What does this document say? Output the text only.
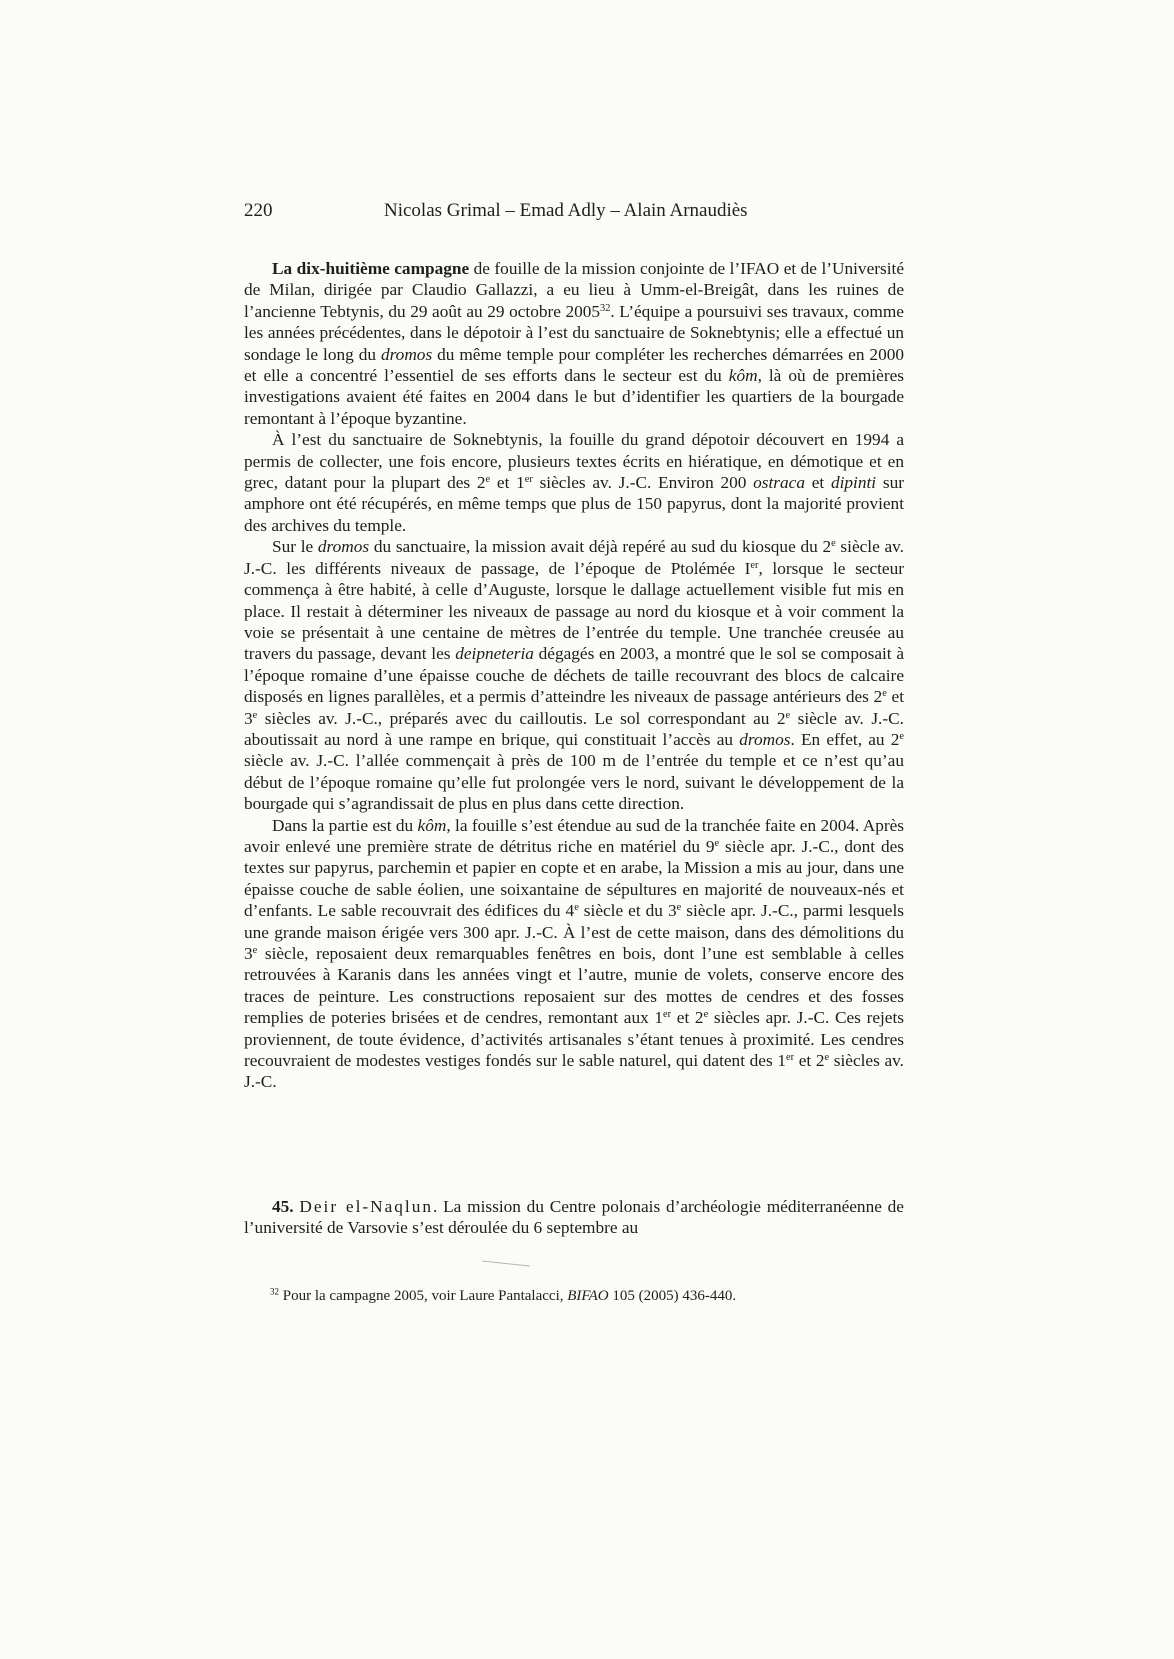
220	Nicolas Grimal – Emad Adly – Alain Arnaudiès

La dix-huitième campagne de fouille de la mission conjointe de l’IFAO et de l’Université de Milan, dirigée par Claudio Gallazzi, a eu lieu à Umm-el-Breigât, dans les ruines de l’ancienne Tebtynis, du 29 août au 29 octobre 2005$^{32}$. L’équipe a poursuivi ses travaux, comme les années précédentes, dans le dépotoir à l’est du sanctuaire de Soknebtynis; elle a effectué un sondage le long du dromos du même temple pour compléter les recherches démarrées en 2000 et elle a concentré l’essentiel de ses efforts dans le secteur est du kôm, là où de premières investigations avaient été faites en 2004 dans le but d’identifier les quartiers de la bourgade remontant à l’époque byzantine.

À l’est du sanctuaire de Soknebtynis, la fouille du grand dépotoir découvert en 1994 a permis de collecter, une fois encore, plusieurs textes écrits en hiératique, en démotique et en grec, datant pour la plupart des 2e et 1er siècles av. J.-C. Environ 200 ostraca et dipinti sur amphore ont été récupérés, en même temps que plus de 150 papyrus, dont la majorité provient des archives du temple.

Sur le dromos du sanctuaire, la mission avait déjà repéré au sud du kiosque du 2e siècle av. J.-C. les différents niveaux de passage, de l’époque de Ptolémée Ier, lorsque le secteur commença à être habité, à celle d’Auguste, lorsque le dallage actuellement visible fut mis en place. Il restait à déterminer les niveaux de passage au nord du kiosque et à voir comment la voie se présentait à une centaine de mètres de l’entrée du temple. Une tranchée creusée au travers du passage, devant les deipneteria dégagés en 2003, a montré que le sol se composait à l’époque romaine d’une épaisse couche de déchets de taille recouvrant des blocs de calcaire disposés en lignes parallèles, et a permis d’atteindre les niveaux de passage antérieurs des 2e et 3e siècles av. J.-C., préparés avec du cailloutis. Le sol correspondant au 2e siècle av. J.-C. aboutissait au nord à une rampe en brique, qui constituait l’accès au dromos. En effet, au 2e siècle av. J.-C. l’allée commençait à près de 100 m de l’entrée du temple et ce n’est qu’au début de l’époque romaine qu’elle fut prolongée vers le nord, suivant le développement de la bourgade qui s’agrandissait de plus en plus dans cette direction.

Dans la partie est du kôm, la fouille s’est étendue au sud de la tranchée faite en 2004. Après avoir enlevé une première strate de détritus riche en matériel du 9e siècle apr. J.-C., dont des textes sur papyrus, parchemin et papier en copte et en arabe, la Mission a mis au jour, dans une épaisse couche de sable éolien, une soixantaine de sépultures en majorité de nouveaux-nés et d’enfants. Le sable recouvrait des édifices du 4e siècle et du 3e siècle apr. J.-C., parmi lesquels une grande maison érigée vers 300 apr. J.-C. À l’est de cette maison, dans des démolitions du 3e siècle, reposaient deux remarquables fenêtres en bois, dont l’une est semblable à celles retrouvées à Karanis dans les années vingt et l’autre, munie de volets, conserve encore des traces de peinture. Les constructions reposaient sur des mottes de cendres et des fosses remplies de poteries brisées et de cendres, remontant aux 1er et 2e siècles apr. J.-C. Ces rejets proviennent, de toute évidence, d’activités artisanales s’étant tenues à proximité. Les cendres recouvraient de modestes vestiges fondés sur le sable naturel, qui datent des 1er et 2e siècles av. J.-C.

45. Deir el-Naqlun. La mission du Centre polonais d’archéologie méditerranéenne de l’université de Varsovie s’est déroulée du 6 septembre au

$^{32}$ Pour la campagne 2005, voir Laure Pantalacci, BIFAO 105 (2005) 436-440.
